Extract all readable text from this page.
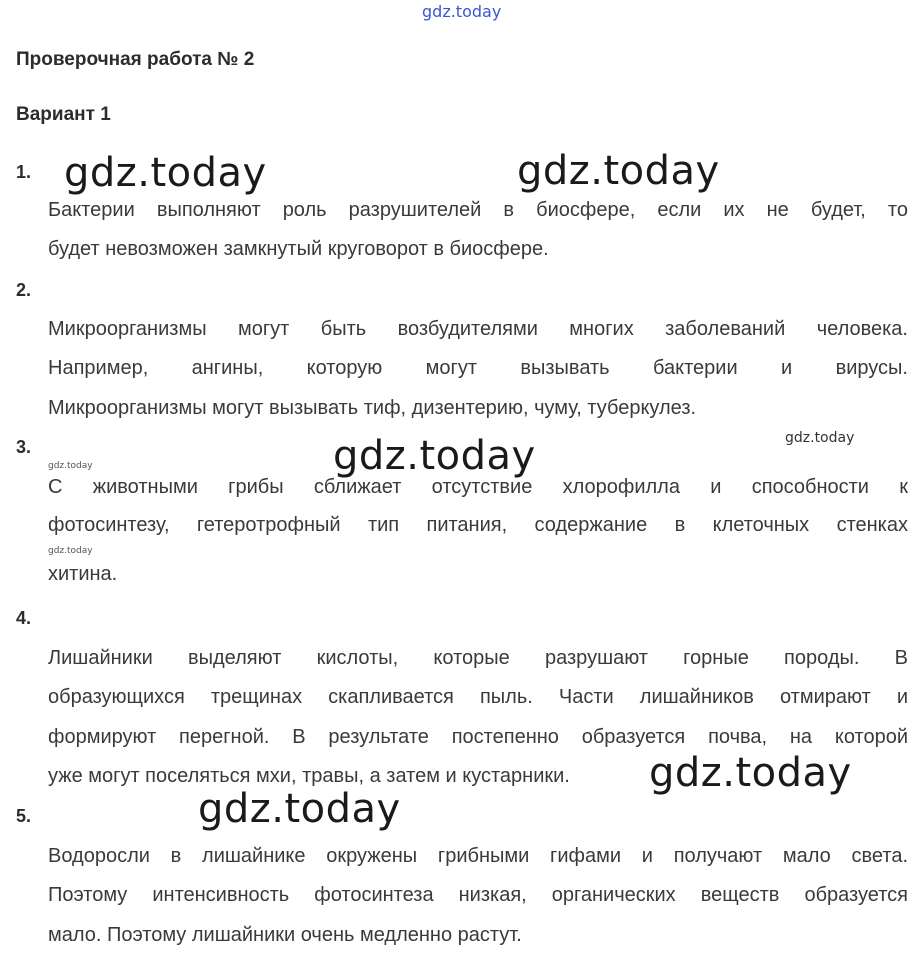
gdz.today
Проверочная работа № 2
Вариант 1
1. gdz.today	gdz.today
Бактерии выполняют роль разрушителей в биосфере, если их не будет, то
будет невозможен замкнутый круговорот в биосфере.
2.
Микроорганизмы могут быть возбудителями многих заболеваний человека.
Например, ангины, которую могут вызывать бактерии и вирусы.
Микроорганизмы могут вызывать тиф, дизентерию, чуму, туберкулез.
3.	gdz.today
gdz.today	gdz.today
С животными грибы сближает отсутствие хлорофилла и способности к
фотосинтезу, гетеротрофный тип питания, содержание в клеточных стенках
gdz.today
хитина.
4.
Лишайники выделяют кислоты, которые разрушают горные породы. В
образующихся трещинах скапливается пыль. Части лишайников отмирают и
формируют перегной. В результате постепенно образуется почва, на которой
уже могут поселяться мхи, травы, а затем и кустарники. gdz.today
5.	gdz.today
Водоросли в лишайнике окружены грибными гифами и получают мало света.
Поэтому интенсивность фотосинтеза низкая, органических веществ образуется
мало. Поэтому лишайники очень медленно растут.
